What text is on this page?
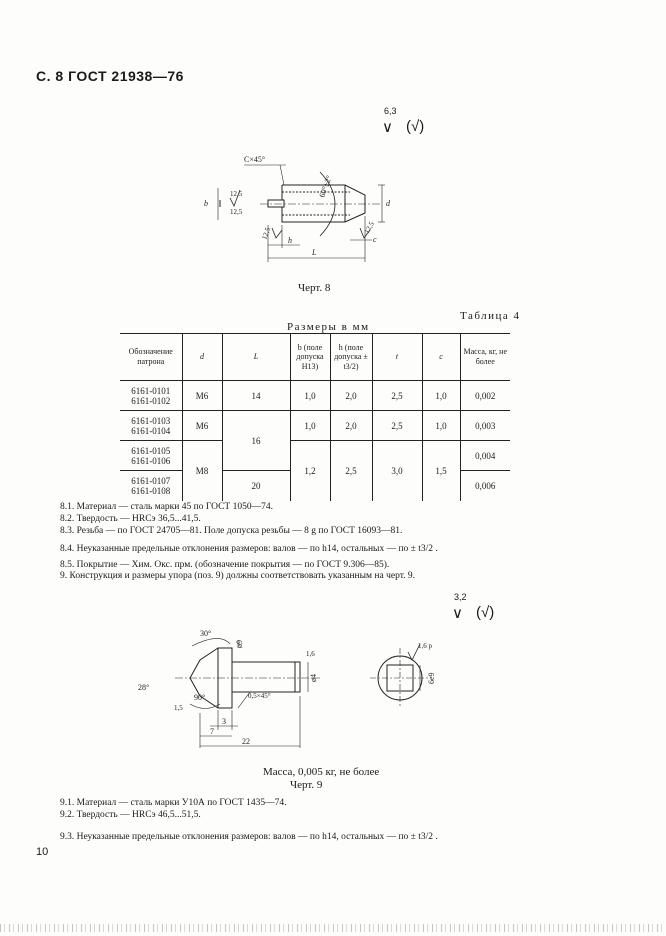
С. 8 ГОСТ 21938—76
6,3
∨ (√)
C×45°
60°±2°
b	d
12,5
12,5
12,5	12,5
h	c
L
Черт. 8
Таблица 4
Размеры в мм
Обозначение патрона	d	L	b (поле допуска H13)	h (поле допуска ± t3/2)	t	c	Масса, кг, не более
6161-0101
6161-0102	M6	14	1,0	2,0	2,5	1,0	0,002
6161-0103
6161-0104	M6	16	1,0	2,0	2,5	1,0	0,003
6161-0105
6161-0106	M8		1,2	2,5	3,0	1,5	0,004
6161-0107
6161-0108		20					0,006
8.1. Материал — сталь марки 45 по ГОСТ 1050—74.
8.2. Твердость — HRCэ 36,5...41,5.
8.3. Резьба — по ГОСТ 24705—81. Поле допуска резьбы — 8 g по ГОСТ 16093—81.
8.4. Неуказанные предельные отклонения размеров: валов — по h14, остальных — по ± t3/2 .
8.5. Покрытие — Хим. Окс. прм. (обозначение покрытия — по ГОСТ 9.306—85).
9. Конструкция и размеры упора (поз. 9) должны соответствовать указанным на черт. 9.
3,2
∨ (√)
30°
28°
90°
ø9
ø4
1,6
1,6 р
0,5×45°
3
7
22
1,5
6е9
Масса, 0,005 кг, не более
Черт. 9
9.1. Материал — сталь марки У10А по ГОСТ 1435—74.
9.2. Твердость — HRCэ 46,5...51,5.
9.3. Неуказанные предельные отклонения размеров: валов — по h14, остальных — по ± t3/2 .
10
